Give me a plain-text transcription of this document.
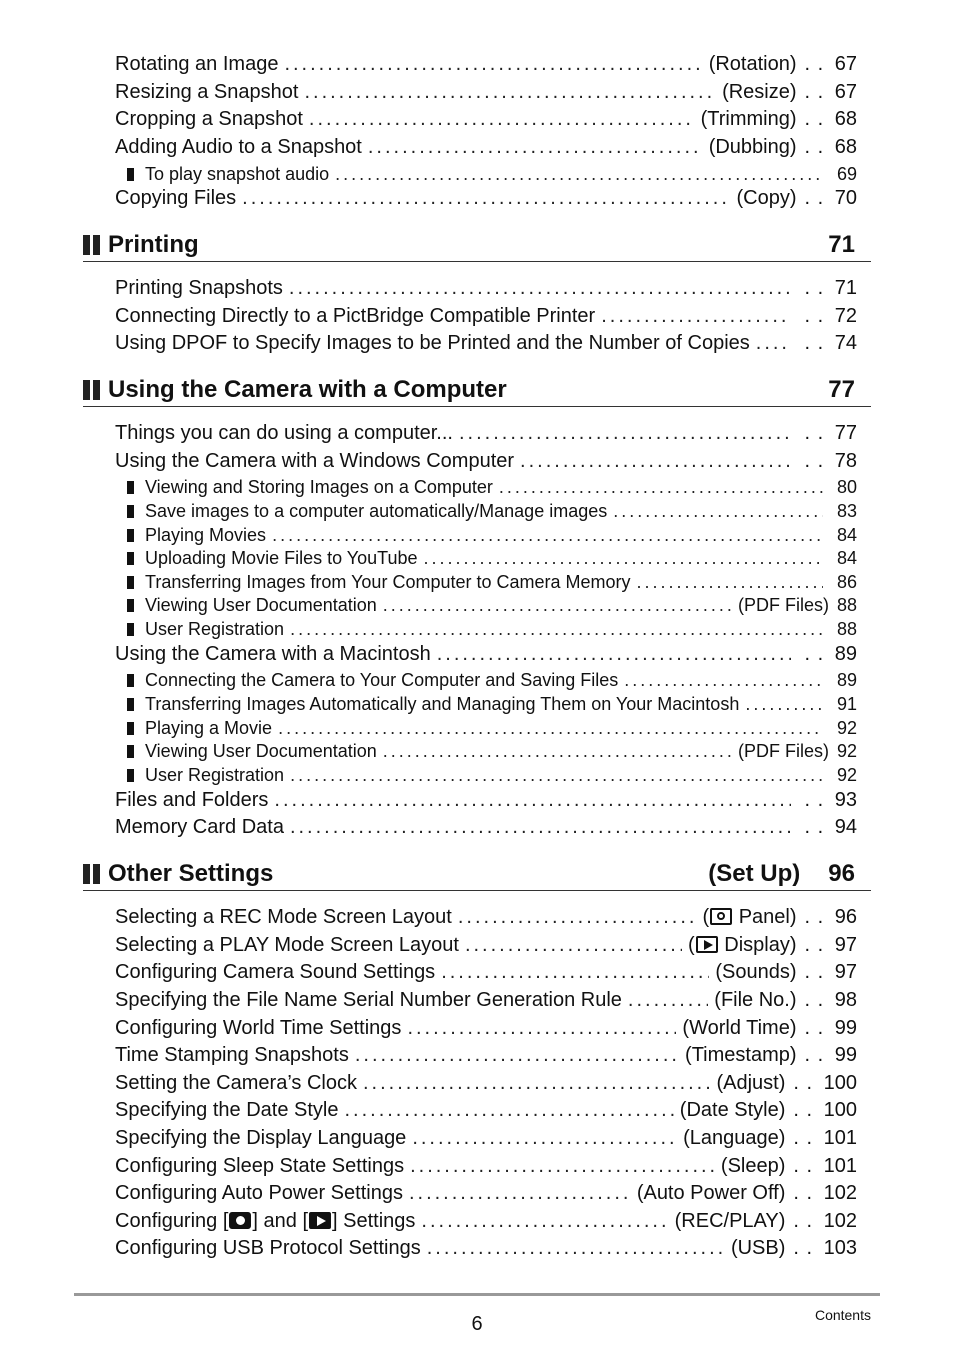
Rotating an Image .....	(Rotation)	. . 67
Resizing a Snapshot .....	(Resize)	. . 67
Cropping a Snapshot .....	(Trimming)	. . 68
Adding Audio to a Snapshot .....	(Dubbing)	. . 68
To play snapshot audio .....	69
Copying Files .....	(Copy)	. . 70
Printing	71
Printing Snapshots .....	. . 71
Connecting Directly to a PictBridge Compatible Printer .....	. . 72
Using DPOF to Specify Images to be Printed and the Number of Copies .....	. . 74
Using the Camera with a Computer	77
Things you can do using a computer... .....	. . 77
Using the Camera with a Windows Computer .....	. . 78
Viewing and Storing Images on a Computer .....	80
Save images to a computer automatically/Manage images .....	83
Playing Movies .....	84
Uploading Movie Files to YouTube .....	84
Transferring Images from Your Computer to Camera Memory .....	86
Viewing User Documentation .....	(PDF Files) 88
User Registration .....	88
Using the Camera with a Macintosh .....	. . 89
Connecting the Camera to Your Computer and Saving Files .....	89
Transferring Images Automatically and Managing Them on Your Macintosh .....	91
Playing a Movie .....	92
Viewing User Documentation .....	(PDF Files) 92
User Registration .....	92
Files and Folders .....	. . 93
Memory Card Data .....	. . 94
Other Settings	(Set Up) 96
Selecting a REC Mode Screen Layout .....	( Panel)	. . 96
Selecting a PLAY Mode Screen Layout .....	( Display)	. . 97
Configuring Camera Sound Settings .....	(Sounds)	. . 97
Specifying the File Name Serial Number Generation Rule .....	(File No.)	. . 98
Configuring World Time Settings .....	(World Time)	. . 99
Time Stamping Snapshots .....	(Timestamp)	. . 99
Setting the Camera’s Clock .....	(Adjust)	. . 100
Specifying the Date Style .....	(Date Style)	. . 100
Specifying the Display Language .....	(Language)	. . 101
Configuring Sleep State Settings .....	(Sleep)	. . 101
Configuring Auto Power Settings .....	(Auto Power Off)	. . 102
Configuring [ ] and [ ] Settings .....	(REC/PLAY)	. . 102
Configuring USB Protocol Settings .....	(USB)	. . 103
6	Contents
